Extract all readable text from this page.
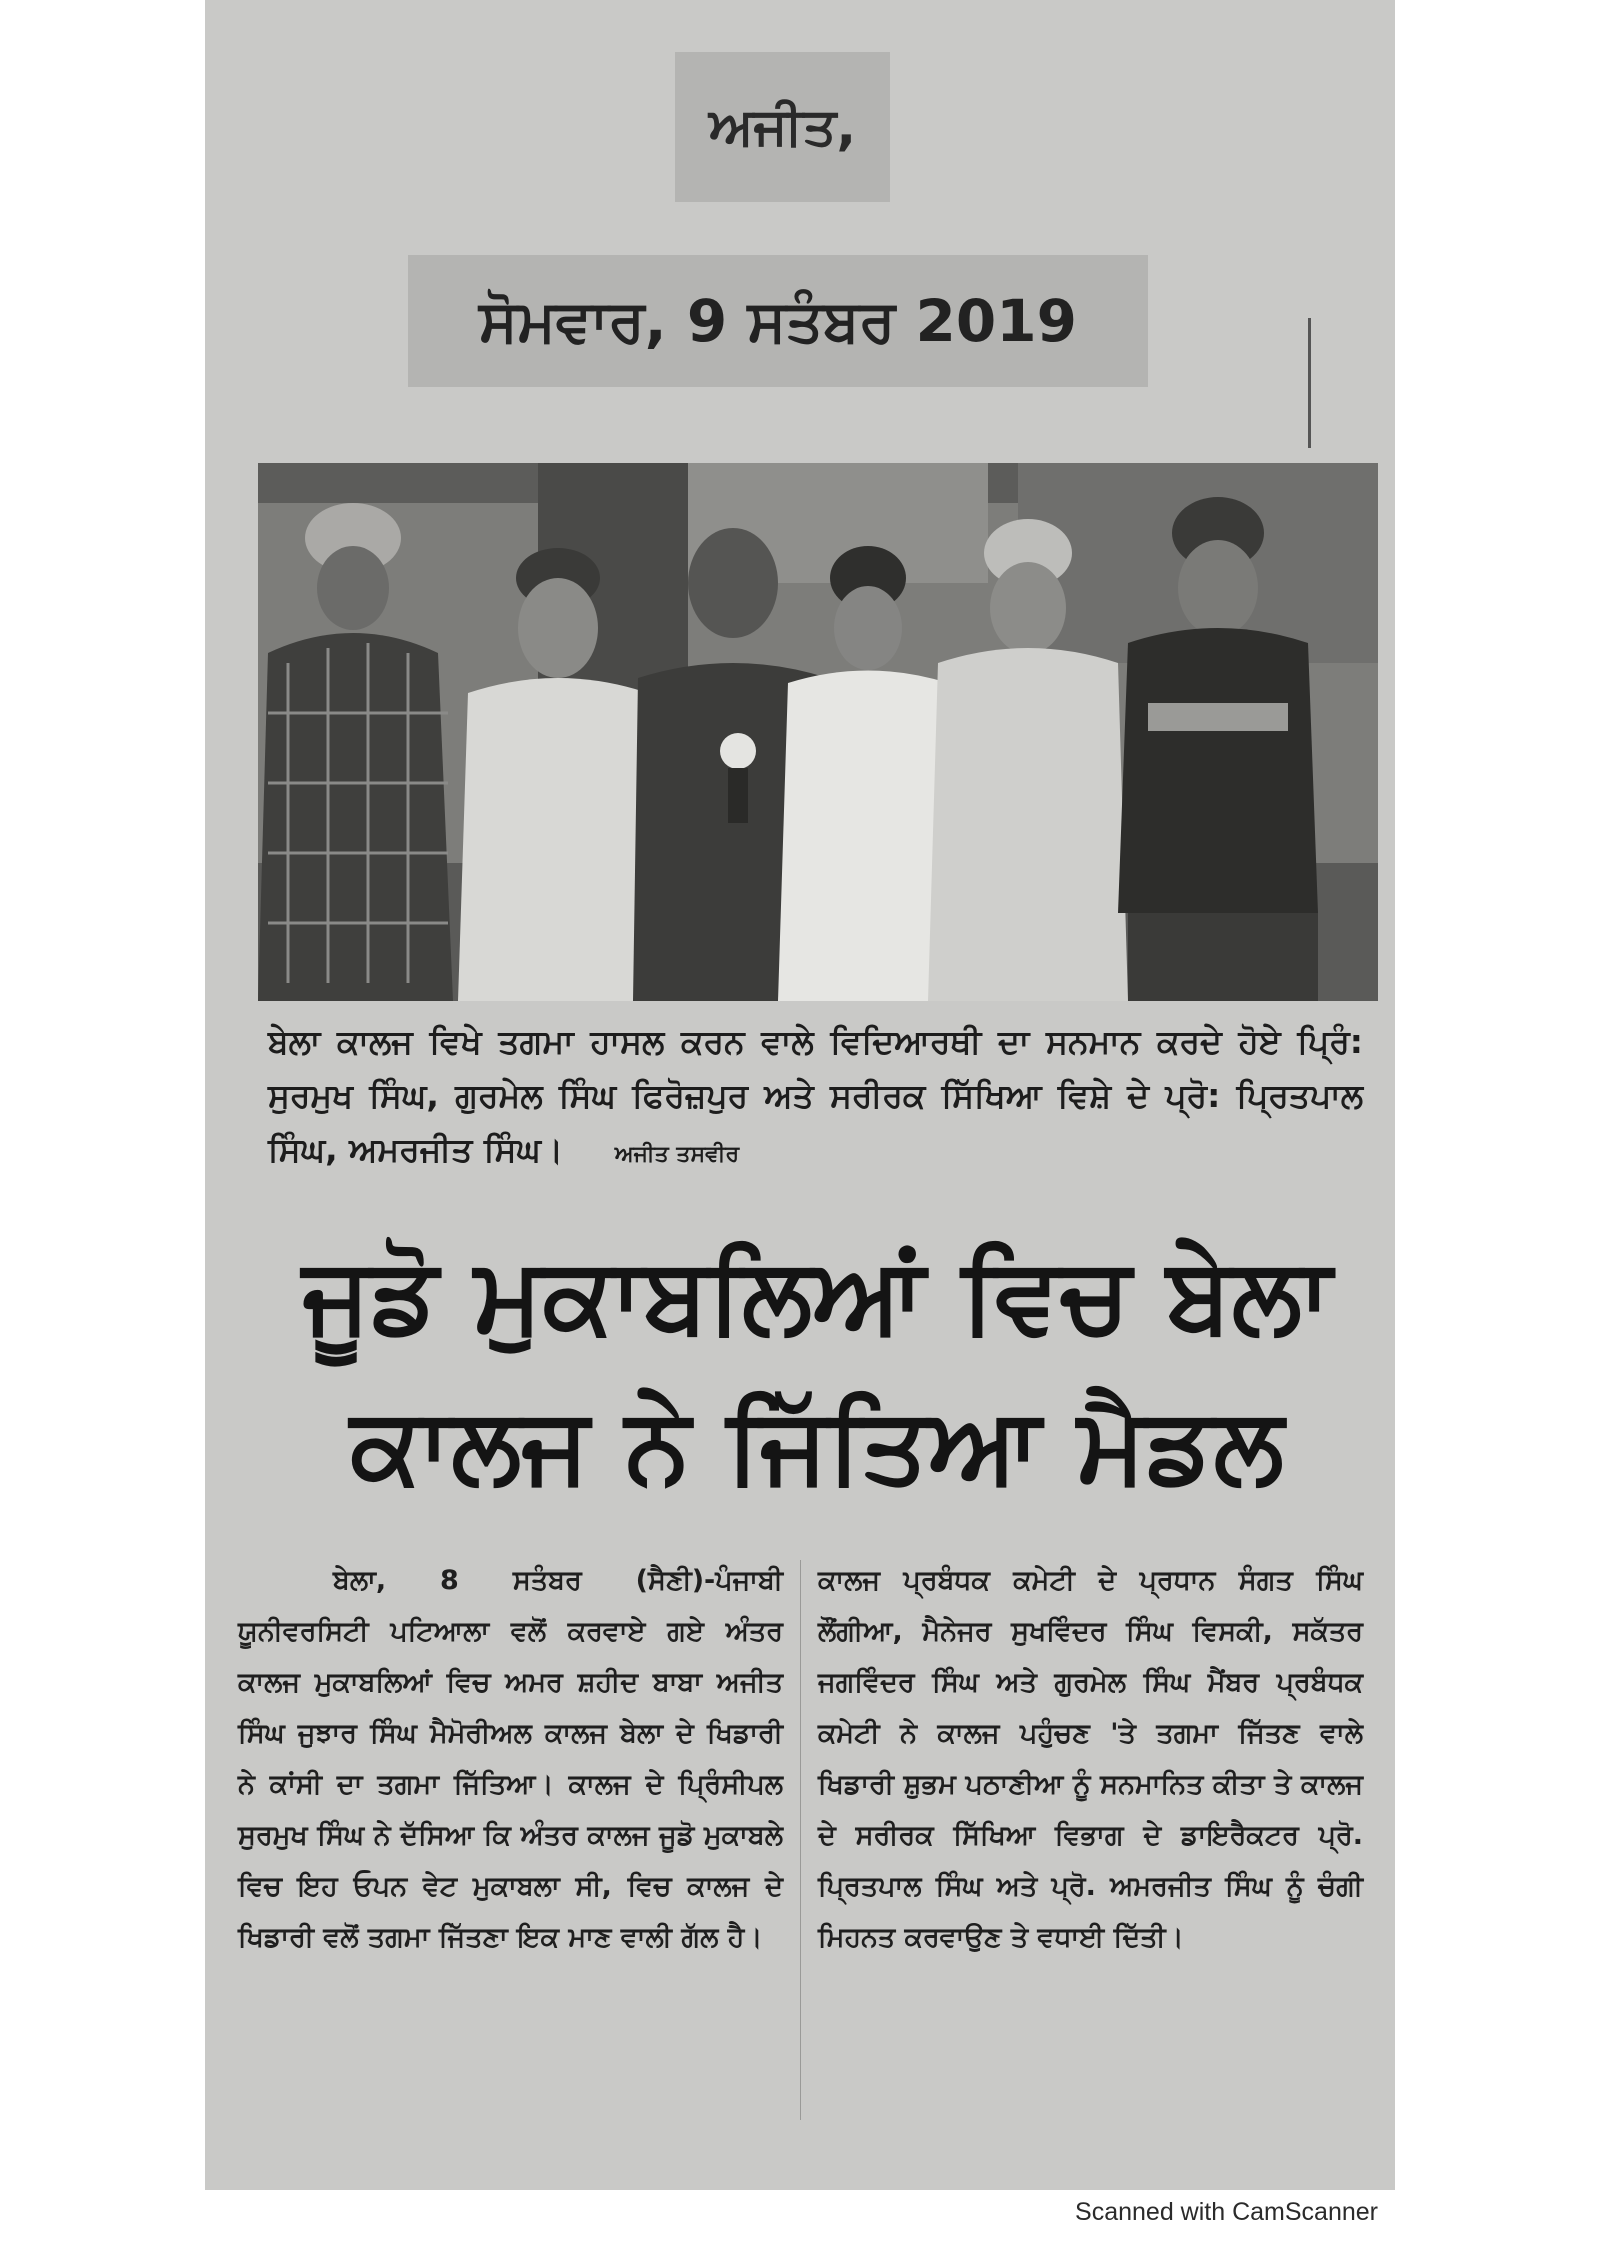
ਅਜੀਤ,
ਸੋਮਵਾਰ, 9 ਸਤੰਬਰ 2019
ਬੇਲਾ ਕਾਲਜ ਵਿਖੇ ਤਗਮਾ ਹਾਸਲ ਕਰਨ ਵਾਲੇ ਵਿਦਿਆਰਥੀ ਦਾ ਸਨਮਾਨ ਕਰਦੇ ਹੋਏ ਪ੍ਰਿੰ: ਸੁਰਮੁਖ ਸਿੰਘ, ਗੁਰਮੇਲ ਸਿੰਘ ਫਿਰੋਜ਼ਪੁਰ ਅਤੇ ਸਰੀਰਕ ਸਿੱਖਿਆ ਵਿਸ਼ੇ ਦੇ ਪ੍ਰੋ: ਪ੍ਰਿਤਪਾਲ ਸਿੰਘ, ਅਮਰਜੀਤ ਸਿੰਘ। ਅਜੀਤ ਤਸਵੀਰ
ਜੂਡੋ ਮੁਕਾਬਲਿਆਂ ਵਿਚ ਬੇਲਾ
ਕਾਲਜ ਨੇ ਜਿੱਤਿਆ ਮੈਡਲ
ਬੇਲਾ, 8 ਸਤੰਬਰ (ਸੈਣੀ)-ਪੰਜਾਬੀ ਯੂਨੀਵਰਸਿਟੀ ਪਟਿਆਲਾ ਵਲੋਂ ਕਰਵਾਏ ਗਏ ਅੰਤਰ ਕਾਲਜ ਮੁਕਾਬਲਿਆਂ ਵਿਚ ਅਮਰ ਸ਼ਹੀਦ ਬਾਬਾ ਅਜੀਤ ਸਿੰਘ ਜੁਝਾਰ ਸਿੰਘ ਮੈਮੋਰੀਅਲ ਕਾਲਜ ਬੇਲਾ ਦੇ ਖਿਡਾਰੀ ਨੇ ਕਾਂਸੀ ਦਾ ਤਗਮਾ ਜਿੱਤਿਆ। ਕਾਲਜ ਦੇ ਪ੍ਰਿੰਸੀਪਲ ਸੁਰਮੁਖ ਸਿੰਘ ਨੇ ਦੱਸਿਆ ਕਿ ਅੰਤਰ ਕਾਲਜ ਜੂਡੋ ਮੁਕਾਬਲੇ ਵਿਚ ਇਹ ਓਪਨ ਵੇਟ ਮੁਕਾਬਲਾ ਸੀ, ਵਿਚ ਕਾਲਜ ਦੇ ਖਿਡਾਰੀ ਵਲੋਂ ਤਗਮਾ ਜਿੱਤਣਾ ਇਕ ਮਾਣ ਵਾਲੀ ਗੱਲ ਹੈ।
ਕਾਲਜ ਪ੍ਰਬੰਧਕ ਕਮੇਟੀ ਦੇ ਪ੍ਰਧਾਨ ਸੰਗਤ ਸਿੰਘ ਲੌਂਗੀਆ, ਮੈਨੇਜਰ ਸੁਖਵਿੰਦਰ ਸਿੰਘ ਵਿਸਕੀ, ਸਕੱਤਰ ਜਗਵਿੰਦਰ ਸਿੰਘ ਅਤੇ ਗੁਰਮੇਲ ਸਿੰਘ ਮੈਂਬਰ ਪ੍ਰਬੰਧਕ ਕਮੇਟੀ ਨੇ ਕਾਲਜ ਪਹੁੰਚਣ 'ਤੇ ਤਗਮਾ ਜਿੱਤਣ ਵਾਲੇ ਖਿਡਾਰੀ ਸ਼ੁਭਮ ਪਠਾਣੀਆ ਨੂੰ ਸਨਮਾਨਿਤ ਕੀਤਾ ਤੇ ਕਾਲਜ ਦੇ ਸਰੀਰਕ ਸਿੱਖਿਆ ਵਿਭਾਗ ਦੇ ਡਾਇਰੈਕਟਰ ਪ੍ਰੋ. ਪ੍ਰਿਤਪਾਲ ਸਿੰਘ ਅਤੇ ਪ੍ਰੋ. ਅਮਰਜੀਤ ਸਿੰਘ ਨੂੰ ਚੰਗੀ ਮਿਹਨਤ ਕਰਵਾਉਣ ਤੇ ਵਧਾਈ ਦਿੱਤੀ।
Scanned with CamScanner
